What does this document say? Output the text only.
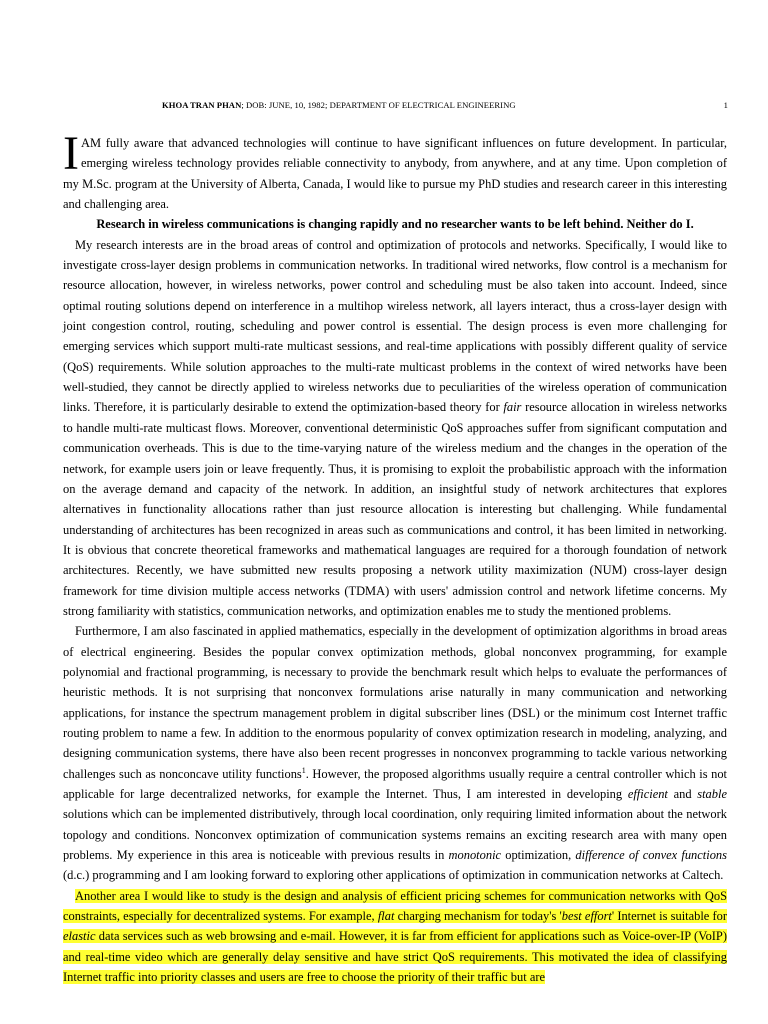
KHOA TRAN PHAN; DOB: JUNE, 10, 1982; DEPARTMENT OF ELECTRICAL ENGINEERING	1

I AM fully aware that advanced technologies will continue to have significant influences on future development. In particular, emerging wireless technology provides reliable connectivity to anybody, from anywhere, and at any time. Upon completion of my M.Sc. program at the University of Alberta, Canada, I would like to pursue my PhD studies and research career in this interesting and challenging area.

Research in wireless communications is changing rapidly and no researcher wants to be left behind. Neither do I.

My research interests are in the broad areas of control and optimization of protocols and networks. Specifically, I would like to investigate cross-layer design problems in communication networks. In traditional wired networks, flow control is a mechanism for resource allocation, however, in wireless networks, power control and scheduling must be also taken into account. Indeed, since optimal routing solutions depend on interference in a multihop wireless network, all layers interact, thus a cross-layer design with joint congestion control, routing, scheduling and power control is essential. The design process is even more challenging for emerging services which support multi-rate multicast sessions, and real-time applications with possibly different quality of service (QoS) requirements. While solution approaches to the multi-rate multicast problems in the context of wired networks have been well-studied, they cannot be directly applied to wireless networks due to peculiarities of the wireless operation of communication links. Therefore, it is particularly desirable to extend the optimization-based theory for fair resource allocation in wireless networks to handle multi-rate multicast flows. Moreover, conventional deterministic QoS approaches suffer from significant computation and communication overheads. This is due to the time-varying nature of the wireless medium and the changes in the operation of the network, for example users join or leave frequently. Thus, it is promising to exploit the probabilistic approach with the information on the average demand and capacity of the network. In addition, an insightful study of network architectures that explores alternatives in functionality allocations rather than just resource allocation is interesting but challenging. While fundamental understanding of architectures has been recognized in areas such as communications and control, it has been limited in networking. It is obvious that concrete theoretical frameworks and mathematical languages are required for a thorough foundation of network architectures. Recently, we have submitted new results proposing a network utility maximization (NUM) cross-layer design framework for time division multiple access networks (TDMA) with users' admission control and network lifetime concerns. My strong familiarity with statistics, communication networks, and optimization enables me to study the mentioned problems.

Furthermore, I am also fascinated in applied mathematics, especially in the development of optimization algorithms in broad areas of electrical engineering. Besides the popular convex optimization methods, global nonconvex programming, for example polynomial and fractional programming, is necessary to provide the benchmark result which helps to evaluate the performances of heuristic methods. It is not surprising that nonconvex formulations arise naturally in many communication and networking applications, for instance the spectrum management problem in digital subscriber lines (DSL) or the minimum cost Internet traffic routing problem to name a few. In addition to the enormous popularity of convex optimization research in modeling, analyzing, and designing communication systems, there have also been recent progresses in nonconvex programming to tackle various networking challenges such as nonconcave utility functions$^1$. However, the proposed algorithms usually require a central controller which is not applicable for large decentralized networks, for example the Internet. Thus, I am interested in developing efficient and stable solutions which can be implemented distributively, through local coordination, only requiring limited information about the network topology and conditions. Nonconvex optimization of communication systems remains an exciting research area with many open problems. My experience in this area is noticeable with previous results in monotonic optimization, difference of convex functions (d.c.) programming and I am looking forward to exploring other applications of optimization in communication networks at Caltech.

Another area I would like to study is the design and analysis of efficient pricing schemes for communication networks with QoS constraints, especially for decentralized systems. For example, flat charging mechanism for today's 'best effort' Internet is suitable for elastic data services such as web browsing and e-mail. However, it is far from efficient for applications such as Voice-over-IP (VoIP) and real-time video which are generally delay sensitive and have strict QoS requirements. This motivated the idea of classifying Internet traffic into priority classes and users are free to choose the priority of their traffic but are
